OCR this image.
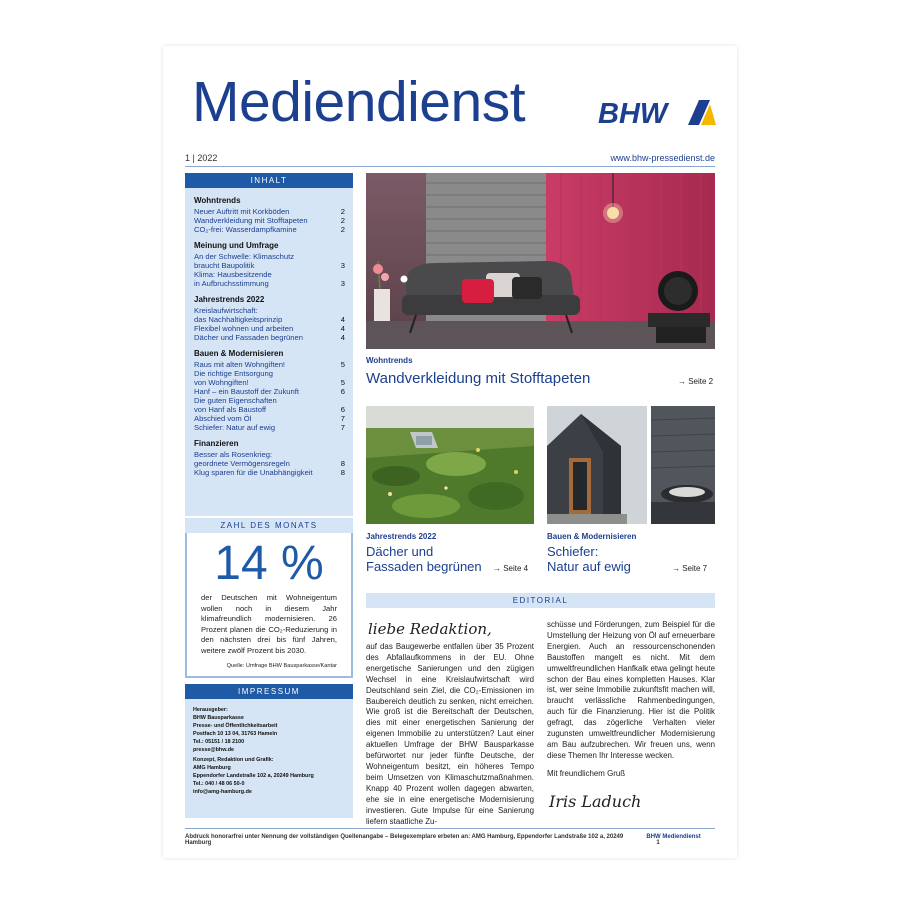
Mediendienst	BHW
1 | 2022	www.bhw-pressedienst.de
INHALT
Wohntrends
Neuer Auftritt mit Korkböden	2
Wandverkleidung mit Stofftapeten	2
CO₂-frei: Wasserdampfkamine	2
Meinung und Umfrage
An der Schwelle: Klimaschutz
braucht Baupolitik	3
Klima: Hausbesitzende
in Aufbruchsstimmung	3
Jahrestrends 2022
Kreislaufwirtschaft:
das Nachhaltigkeitsprinzip	4
Flexibel wohnen und arbeiten	4
Dächer und Fassaden begrünen	4
Bauen & Modernisieren
Raus mit alten Wohngiften!	5
Die richtige Entsorgung
von Wohngiften!	5
Hanf – ein Baustoff der Zukunft	6
Die guten Eigenschaften
von Hanf als Baustoff	6
Abschied vom Öl	7
Schiefer: Natur auf ewig	7
Finanzieren
Besser als Rosenkrieg:
geordnete Vermögensregeln	8
Klug sparen für die Unabhängigkeit	8
ZAHL DES MONATS
14 %
der Deutschen mit Wohneigentum wollen noch in diesem Jahr klimafreundlich modernisieren. 26 Prozent planen die CO₂-Reduzierung in den nächsten drei bis fünf Jahren, weitere zwölf Prozent bis 2030.
Quelle: Umfrage BHW Bausparkasse/Kantar
IMPRESSUM
Herausgeber:
BHW Bausparkasse
Presse- und Öffentlichkeitsarbeit
Postfach 10 13 04, 31763 Hameln
Tel.: 05151 / 18 2100
presse@bhw.de
Konzept, Redaktion und Grafik:
AMG Hamburg
Eppendorfer Landstraße 102 a, 20249 Hamburg
Tel.: 040 / 48 06 50-0
info@amg-hamburg.de
Wohntrends
Wandverkleidung mit Stofftapeten	→ Seite 2
Jahrestrends 2022
Dächer und
Fassaden begrünen → Seite 4
Bauen & Modernisieren
Schiefer:
Natur auf ewig	→ Seite 7
EDITORIAL
liebe Redaktion,
auf das Baugewerbe entfallen über 35 Prozent des Abfallaufkommens in der EU. Ohne energetische Sanierungen und den zügigen Wechsel in eine Kreislaufwirtschaft wird Deutschland sein Ziel, die CO₂-Emissionen im Baubereich deutlich zu senken, nicht erreichen. Wie groß ist die Bereitschaft der Deutschen, dies mit einer energetischen Sanierung der eigenen Immobilie zu unterstützen? Laut einer aktuellen Umfrage der BHW Bausparkasse befürwortet nur jeder fünfte Deutsche, der Wohneigentum besitzt, ein höheres Tempo beim Umsetzen von Klimaschutzmaßnahmen. Knapp 40 Prozent wollen dagegen abwarten, ehe sie in eine energetische Modernisierung investieren. Gute Impulse für eine Sanierung liefern staatliche Zu-
schüsse und Förderungen, zum Beispiel für die Umstellung der Heizung von Öl auf erneuerbare Energien. Auch an ressourcenschonenden Baustoffen mangelt es nicht. Mit dem umweltfreundlichen Hanfkalk etwa gelingt heute schon der Bau eines kompletten Hauses. Klar ist, wer seine Immobilie zukunftsfit machen will, braucht verlässliche Rahmenbedingungen, auch für die Finanzierung. Hier ist die Politik gefragt, das zögerliche Verhalten vieler zugunsten umweltfreundlicher Modernisierung am Bau aufzubrechen. Wir freuen uns, wenn diese Themen Ihr Interesse wecken.
Mit freundlichem Gruß
Iris Laduch
Abdruck honorarfrei unter Nennung der vollständigen Quellenangabe – Belegexemplare erbeten an: AMG Hamburg, Eppendorfer Landstraße 102 a, 20249 Hamburg
BHW Mediendienst 1
